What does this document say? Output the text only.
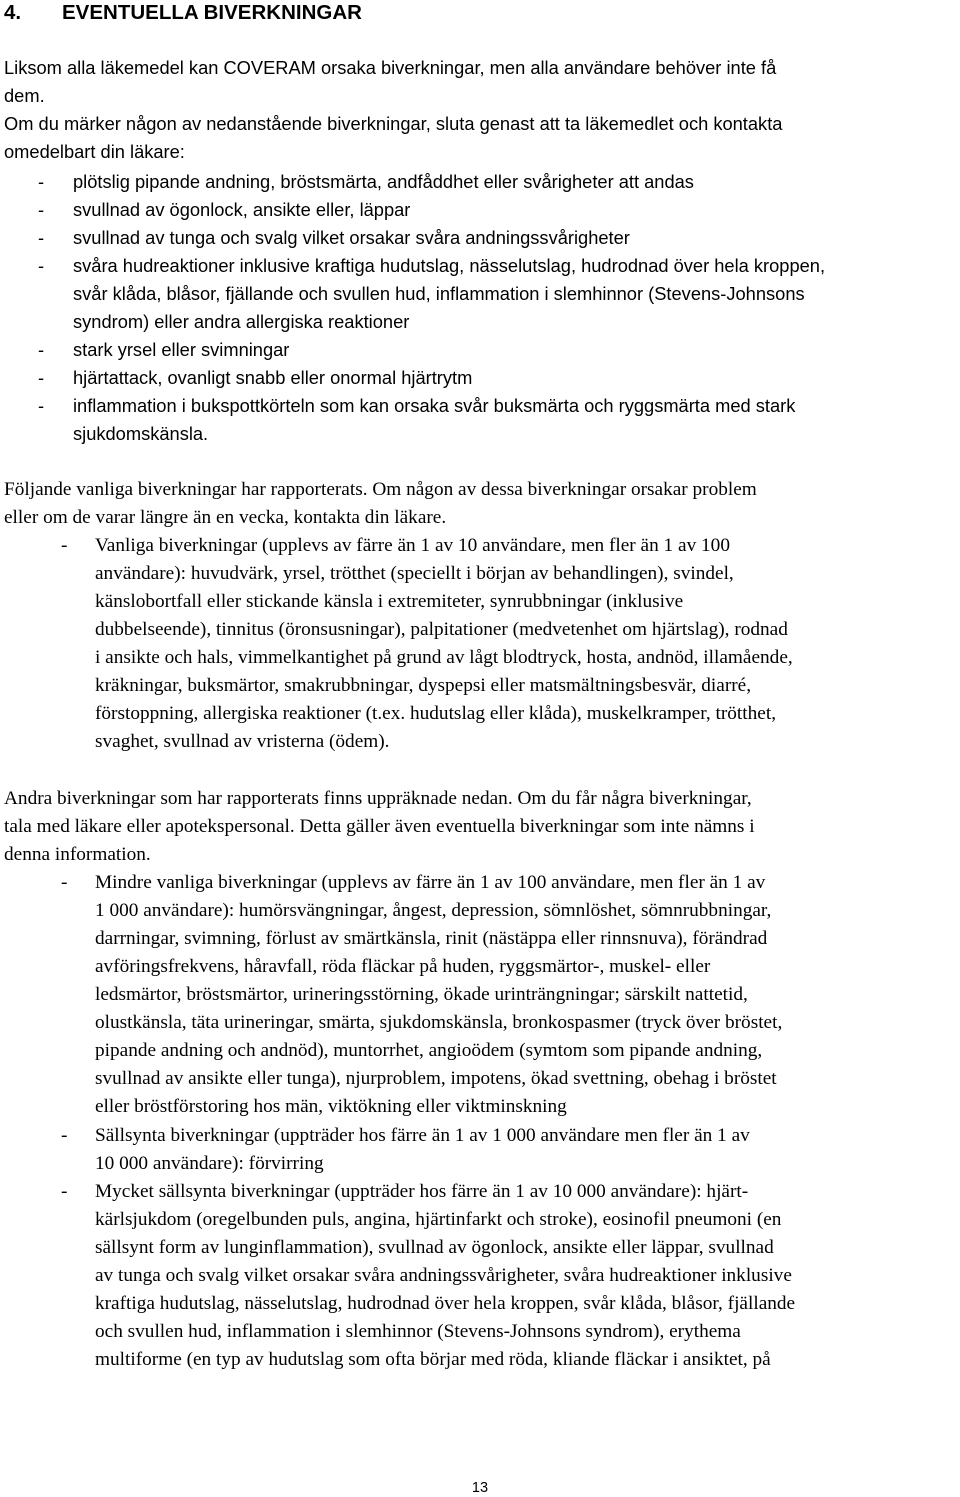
4. EVENTUELLA BIVERKNINGAR
Liksom alla läkemedel kan COVERAM orsaka biverkningar, men alla användare behöver inte få
dem.
Om du märker någon av nedanstående biverkningar, sluta genast att ta läkemedlet och kontakta
omedelbart din läkare:
- plötslig pipande andning, bröstsmärta, andfåddhet eller svårigheter att andas
- svullnad av ögonlock, ansikte eller, läppar
- svullnad av tunga och svalg vilket orsakar svåra andningssvårigheter
- svåra hudreaktioner inklusive kraftiga hudutslag, nässelutslag, hudrodnad över hela kroppen,
svår klåda, blåsor, fjällande och svullen hud, inflammation i slemhinnor (Stevens-Johnsons
syndrom) eller andra allergiska reaktioner
- stark yrsel eller svimningar
- hjärtattack, ovanligt snabb eller onormal hjärtrytm
- inflammation i bukspottkörteln som kan orsaka svår buksmärta och ryggsmärta med stark
sjukdomskänsla.
Följande vanliga biverkningar har rapporterats. Om någon av dessa biverkningar orsakar problem
eller om de varar längre än en vecka, kontakta din läkare.
- Vanliga biverkningar (upplevs av färre än 1 av 10 användare, men fler än 1 av 100
användare): huvudvärk, yrsel, trötthet (speciellt i början av behandlingen), svindel,
känslobortfall eller stickande känsla i extremiteter, synrubbningar (inklusive
dubbelseende), tinnitus (öronsusningar), palpitationer (medvetenhet om hjärtslag), rodnad
i ansikte och hals, vimmelkantighet på grund av lågt blodtryck, hosta, andnöd, illamående,
kräkningar, buksmärtor, smakrubbningar, dyspepsi eller matsmältningsbesvär, diarré,
förstoppning, allergiska reaktioner (t.ex. hudutslag eller klåda), muskelkramper, trötthet,
svaghet, svullnad av vristerna (ödem).
Andra biverkningar som har rapporterats finns uppräknade nedan. Om du får några biverkningar,
tala med läkare eller apotekspersonal. Detta gäller även eventuella biverkningar som inte nämns i
denna information.
- Mindre vanliga biverkningar (upplevs av färre än 1 av 100 användare, men fler än 1 av
1 000 användare): humörsvängningar, ångest, depression, sömnlöshet, sömnrubbningar,
darrningar, svimning, förlust av smärtkänsla, rinit (nästäppa eller rinnsnuva), förändrad
avföringsfrekvens, håravfall, röda fläckar på huden, ryggsmärtor-, muskel- eller
ledsmärtor, bröstsmärtor, urineringsstörning, ökade urinträngningar; särskilt nattetid,
olustkänsla, täta urineringar, smärta, sjukdomskänsla, bronkospasmer (tryck över bröstet,
pipande andning och andnöd), muntorrhet, angioödem (symtom som pipande andning,
svullnad av ansikte eller tunga), njurproblem, impotens, ökad svettning, obehag i bröstet
eller bröstförstoring hos män, viktökning eller viktminskning
- Sällsynta biverkningar (uppträder hos färre än 1 av 1 000 användare men fler än 1 av
10 000 användare): förvirring
- Mycket sällsynta biverkningar (uppträder hos färre än 1 av 10 000 användare): hjärt-
kärlsjukdom (oregelbunden puls, angina, hjärtinfarkt och stroke), eosinofil pneumoni (en
sällsynt form av lunginflammation), svullnad av ögonlock, ansikte eller läppar, svullnad
av tunga och svalg vilket orsakar svåra andningssvårigheter, svåra hudreaktioner inklusive
kraftiga hudutslag, nässelutslag, hudrodnad över hela kroppen, svår klåda, blåsor, fjällande
och svullen hud, inflammation i slemhinnor (Stevens-Johnsons syndrom), erythema
multiforme (en typ av hudutslag som ofta börjar med röda, kliande fläckar i ansiktet, på
13
